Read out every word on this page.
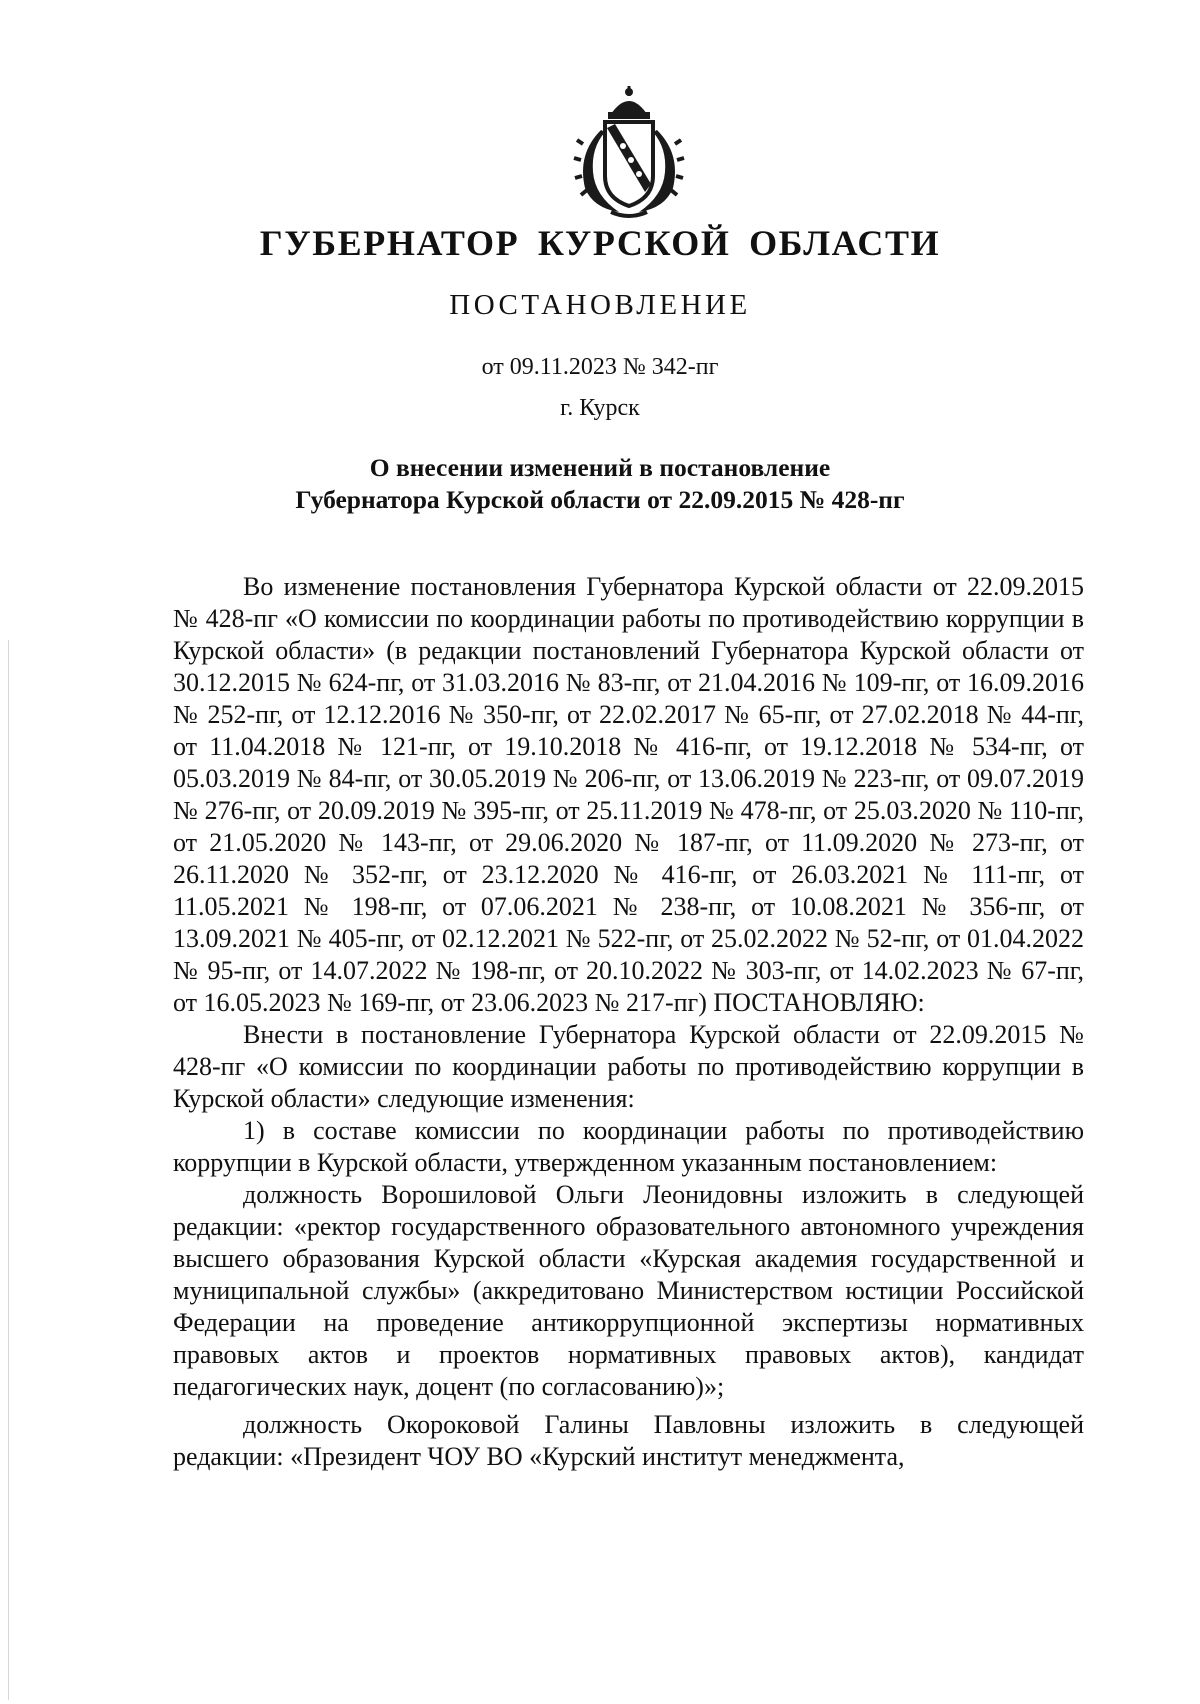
ГУБЕРНАТОР КУРСКОЙ ОБЛАСТИ
ПОСТАНОВЛЕНИЕ
от 09.11.2023 № 342-пг
г. Курск
О внесении изменений в постановление
Губернатора Курской области от 22.09.2015 № 428-пг

Во изменение постановления Губернатора Курской области от 22.09.2015 № 428-пг «О комиссии по координации работы по противодействию коррупции в Курской области» (в редакции постановлений Губернатора Курской области от 30.12.2015 № 624-пг, от 31.03.2016 № 83-пг, от 21.04.2016 № 109-пг, от 16.09.2016 № 252-пг, от 12.12.2016 № 350-пг, от 22.02.2017 № 65-пг, от 27.02.2018 № 44-пг, от 11.04.2018 № 121-пг, от 19.10.2018 № 416-пг, от 19.12.2018 № 534-пг, от 05.03.2019 № 84-пг, от 30.05.2019 № 206-пг, от 13.06.2019 № 223-пг, от 09.07.2019 № 276-пг, от 20.09.2019 № 395-пг, от 25.11.2019 № 478-пг, от 25.03.2020 № 110-пг, от 21.05.2020 № 143-пг, от 29.06.2020 № 187-пг, от 11.09.2020 № 273-пг, от 26.11.2020 № 352-пг, от 23.12.2020 № 416-пг, от 26.03.2021 № 111-пг, от 11.05.2021 № 198-пг, от 07.06.2021 № 238-пг, от 10.08.2021 № 356-пг, от 13.09.2021 № 405-пг, от 02.12.2021 № 522-пг, от 25.02.2022 № 52-пг, от 01.04.2022 № 95-пг, от 14.07.2022 № 198-пг, от 20.10.2022 № 303-пг, от 14.02.2023 № 67-пг, от 16.05.2023 № 169-пг, от 23.06.2023 № 217-пг) ПОСТАНОВЛЯЮ:

Внести в постановление Губернатора Курской области от 22.09.2015 № 428-пг «О комиссии по координации работы по противодействию коррупции в Курской области» следующие изменения:

1) в составе комиссии по координации работы по противодействию коррупции в Курской области, утвержденном указанным постановлением:

должность Ворошиловой Ольги Леонидовны изложить в следующей редакции: «ректор государственного образовательного автономного учреждения высшего образования Курской области «Курская академия государственной и муниципальной службы» (аккредитовано Министерством юстиции Российской Федерации на проведение антикоррупционной экспертизы нормативных правовых актов и проектов нормативных правовых актов), кандидат педагогических наук, доцент (по согласованию)»;

должность Окороковой Галины Павловны изложить в следующей редакции: «Президент ЧОУ ВО «Курский институт менеджмента,
